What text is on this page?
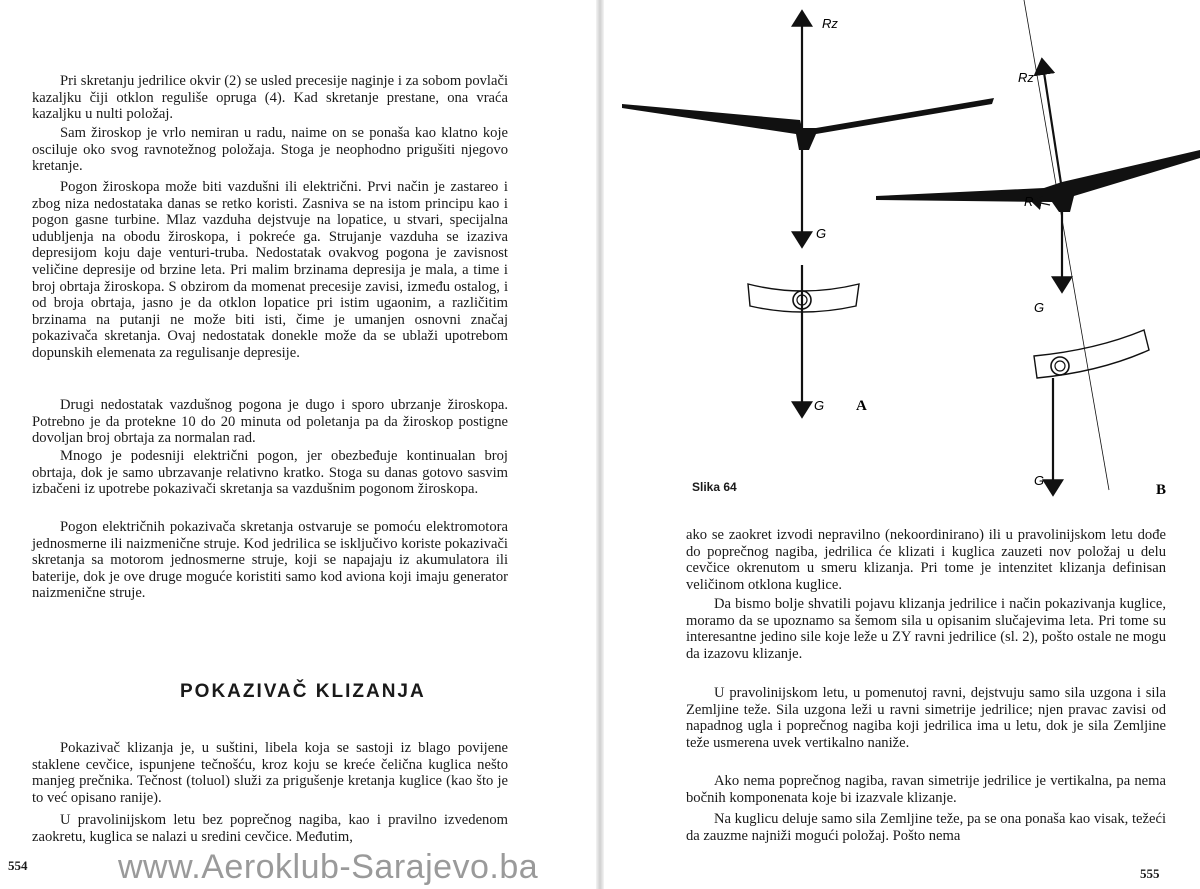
Pri skretanju jedrilice okvir (2) se usled precesije naginje i za sobom povlači kazaljku čiji otklon reguliše opruga (4). Kad skretanje prestane, ona vraća kazaljku u nulti položaj.

Sam žiroskop je vrlo nemiran u radu, naime on se ponaša kao klatno koje osciluje oko svog ravnotežnog položaja. Stoga je neophodno prigušiti njegovo kretanje.

Pogon žiroskopa može biti vazdušni ili električni. Prvi način je zastareo i zbog niza nedostataka danas se retko koristi. Zasniva se na istom principu kao i pogon gasne turbine. Mlaz vazduha dejstvuje na lopatice, u stvari, specijalna udubljenja na obodu žiroskopa, i pokreće ga. Strujanje vazduha se izaziva depresijom koju daje venturi-truba. Nedostatak ovakvog pogona je zavisnost veličine depresije od brzine leta. Pri malim brzinama depresija je mala, a time i broj obrtaja žiroskopa. S obzirom da momenat precesije zavisi, između ostalog, i od broja obrtaja, jasno je da otklon lopatice pri istim ugaonim, a različitim brzinama na putanji ne može biti isti, čime je umanjen osnovni značaj pokazivača skretanja. Ovaj nedostatak donekle može da se ublaži upotrebom dopunskih elemenata za regulisanje depresije.

Drugi nedostatak vazdušnog pogona je dugo i sporo ubrzanje žiroskopa. Potrebno je da protekne 10 do 20 minuta od poletanja pa da žiroskop postigne dovoljan broj obrtaja za normalan rad.

Mnogo je podesniji električni pogon, jer obezbeđuje kontinualan broj obrtaja, dok je samo ubrzavanje relativno kratko. Stoga su danas gotovo sasvim izbačeni iz upotrebe pokazivači skretanja sa vazdušnim pogonom žiroskopa.

Pogon električnih pokazivača skretanja ostvaruje se pomoću elektromotora jednosmerne ili naizmenične struje. Kod jedrilica se isključivo koriste pokazivači skretanja sa motorom jednosmerne struje, koji se napajaju iz akumulatora ili baterije, dok je ove druge moguće koristiti samo kod aviona koji imaju generator naizmenične struje.

POKAZIVAČ KLIZANJA

Pokazivač klizanja je, u suštini, libela koja se sastoji iz blago povijene staklene cevčice, ispunjene tečnošću, kroz koju se kreće čelična kuglica nešto manjeg prečnika. Tečnost (toluol) služi za prigušenje kretanja kuglice (kao što je to već opisano ranije).

U pravolinijskom letu bez poprečnog nagiba, kao i pravilno izvedenom zaokretu, kuglica se nalazi u sredini cevčice. Međutim,

554	www.Aeroklub-Sarajevo.ba
Rz
G
G A
Rz
R
G
G
B
Slika 64

ako se zaokret izvodi nepravilno (nekoordinirano) ili u pravolinijskom letu dođe do poprečnog nagiba, jedrilica će klizati i kuglica zauzeti nov položaj u delu cevčice okrenutom u smeru klizanja. Pri tome je intenzitet klizanja definisan veličinom otklona kuglice.

Da bismo bolje shvatili pojavu klizanja jedrilice i način pokazivanja kuglice, moramo da se upoznamo sa šemom sila u opisanim slučajevima leta. Pri tome su interesantne jedino sile koje leže u ZY ravni jedrilice (sl. 2), pošto ostale ne mogu da izazovu klizanje.

U pravolinijskom letu, u pomenutoj ravni, dejstvuju samo sila uzgona i sila Zemljine teže. Sila uzgona leži u ravni simetrije jedrilice; njen pravac zavisi od napadnog ugla i poprečnog nagiba koji jedrilica ima u letu, dok je sila Zemljine teže usmerena uvek vertikalno naniže.

Ako nema poprečnog nagiba, ravan simetrije jedrilice je vertikalna, pa nema bočnih komponenata koje bi izazvale klizanje.

Na kuglicu deluje samo sila Zemljine teže, pa se ona ponaša kao visak, težeći da zauzme najniži mogući položaj. Pošto nema

555
